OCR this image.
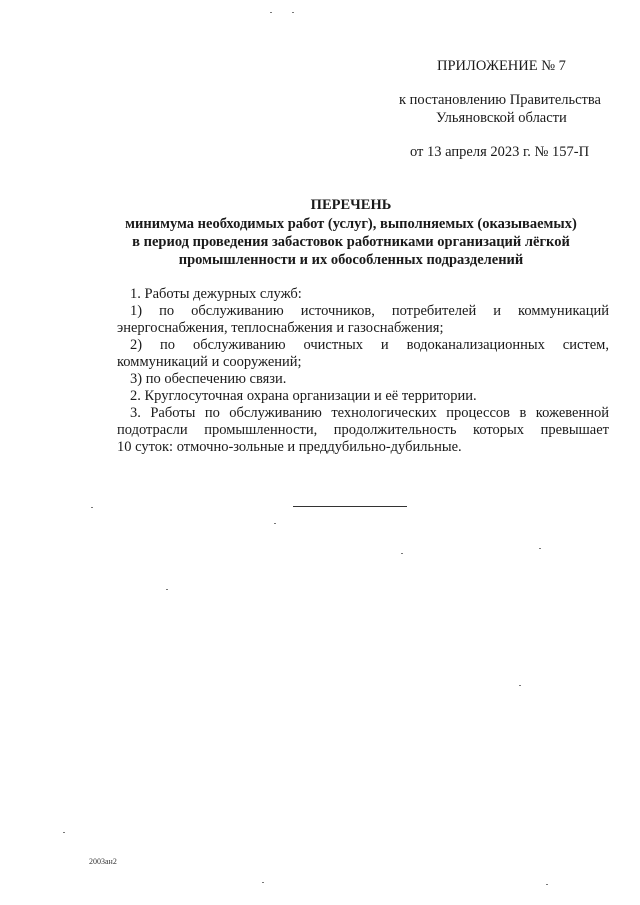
ПРИЛОЖЕНИЕ № 7
к постановлению Правительства
Ульяновской области
от 13 апреля 2023 г. № 157-П
ПЕРЕЧЕНЬ
минимума необходимых работ (услуг), выполняемых (оказываемых)
в период проведения забастовок работниками организаций лёгкой
промышленности и их обособленных подразделений
1. Работы дежурных служб:
1) по обслуживанию источников, потребителей и коммуникаций
энергоснабжения, теплоснабжения и газоснабжения;
2) по обслуживанию очистных и водоканализационных систем,
коммуникаций и сооружений;
3) по обеспечению связи.
2. Круглосуточная охрана организации и её территории.
3. Работы по обслуживанию технологических процессов в кожевенной
подотрасли промышленности, продолжительность которых превышает
10 суток: отмочно-зольные и преддубильно-дубильные.
2003ан2
